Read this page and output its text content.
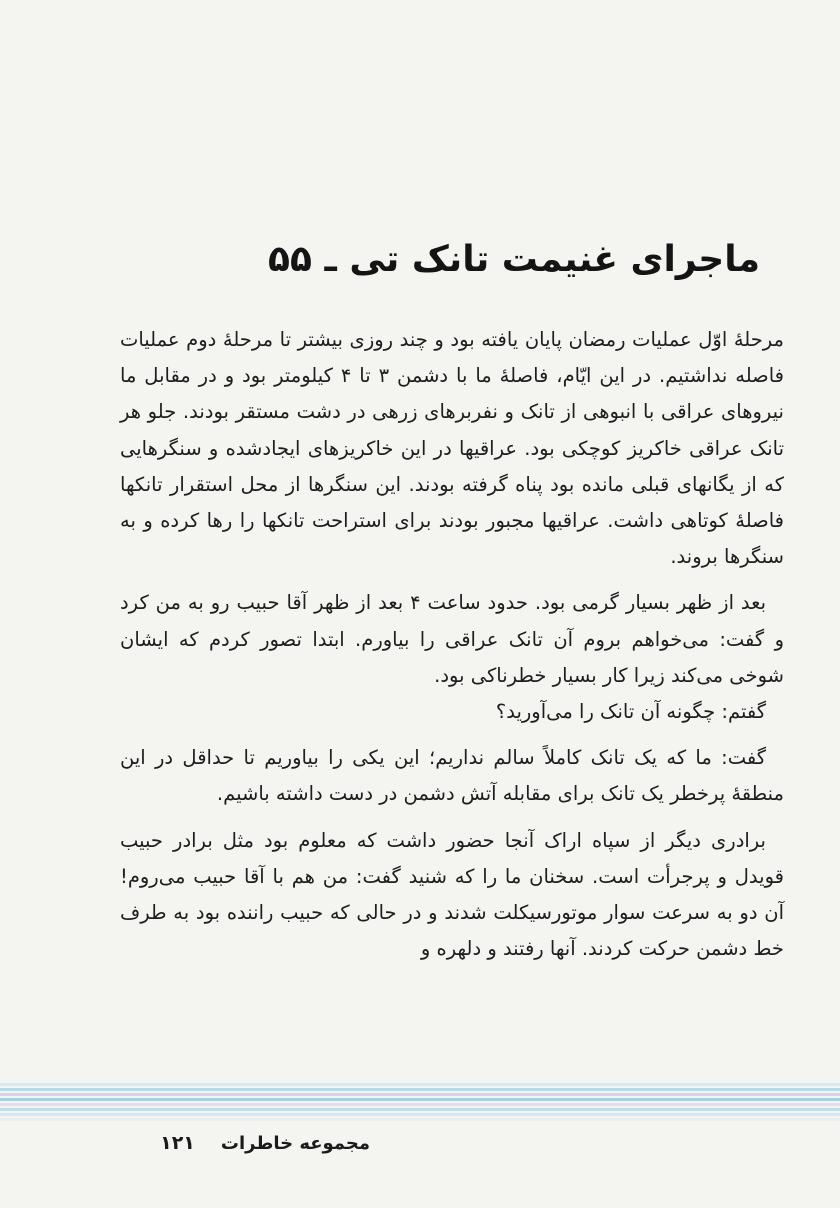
ماجرای غنیمت تانک تی ـ ۵۵

مرحلهٔ اوّل عملیات رمضان پایان یافته بود و چند روزی بیشتر تا مرحلهٔ دوم عملیات فاصله نداشتیم. در این ایّام، فاصلهٔ ما با دشمن ۳ تا ۴ کیلومتر بود و در مقابل ما نیروهای عراقی با انبوهی از تانک و نفربرهای زرهی در دشت مستقر بودند. جلو هر تانک عراقی خاکریز کوچکی بود. عراقیها در این خاکریزهای ایجادشده و سنگرهایی که از یگانهای قبلی مانده بود پناه گرفته بودند. این سنگرها از محل استقرار تانکها فاصلهٔ کوتاهی داشت. عراقیها مجبور بودند برای استراحت تانکها را رها کرده و به سنگرها بروند.

بعد از ظهر بسیار گرمی بود. حدود ساعت ۴ بعد از ظهر آقا حبیب رو به من کرد و گفت: می‌خواهم بروم آن تانک عراقی را بیاورم. ابتدا تصور کردم که ایشان شوخی می‌کند زیرا کار بسیار خطرناکی بود.

گفتم: چگونه آن تانک را می‌آورید؟

گفت: ما که یک تانک کاملاً سالم نداریم؛ این یکی را بیاوریم تا حداقل در این منطقهٔ پرخطر یک تانک برای مقابله آتش دشمن در دست داشته باشیم.

برادری دیگر از سپاه اراک آنجا حضور داشت که معلوم بود مثل برادر حبیب قویدل و پرجرأت است. سخنان ما را که شنید گفت: من هم با آقا حبیب می‌روم! آن دو به سرعت سوار موتورسیکلت شدند و در حالی که حبیب راننده بود به طرف خط دشمن حرکت کردند. آنها رفتند و دلهره و

مجموعه خاطرات۱۲۱
